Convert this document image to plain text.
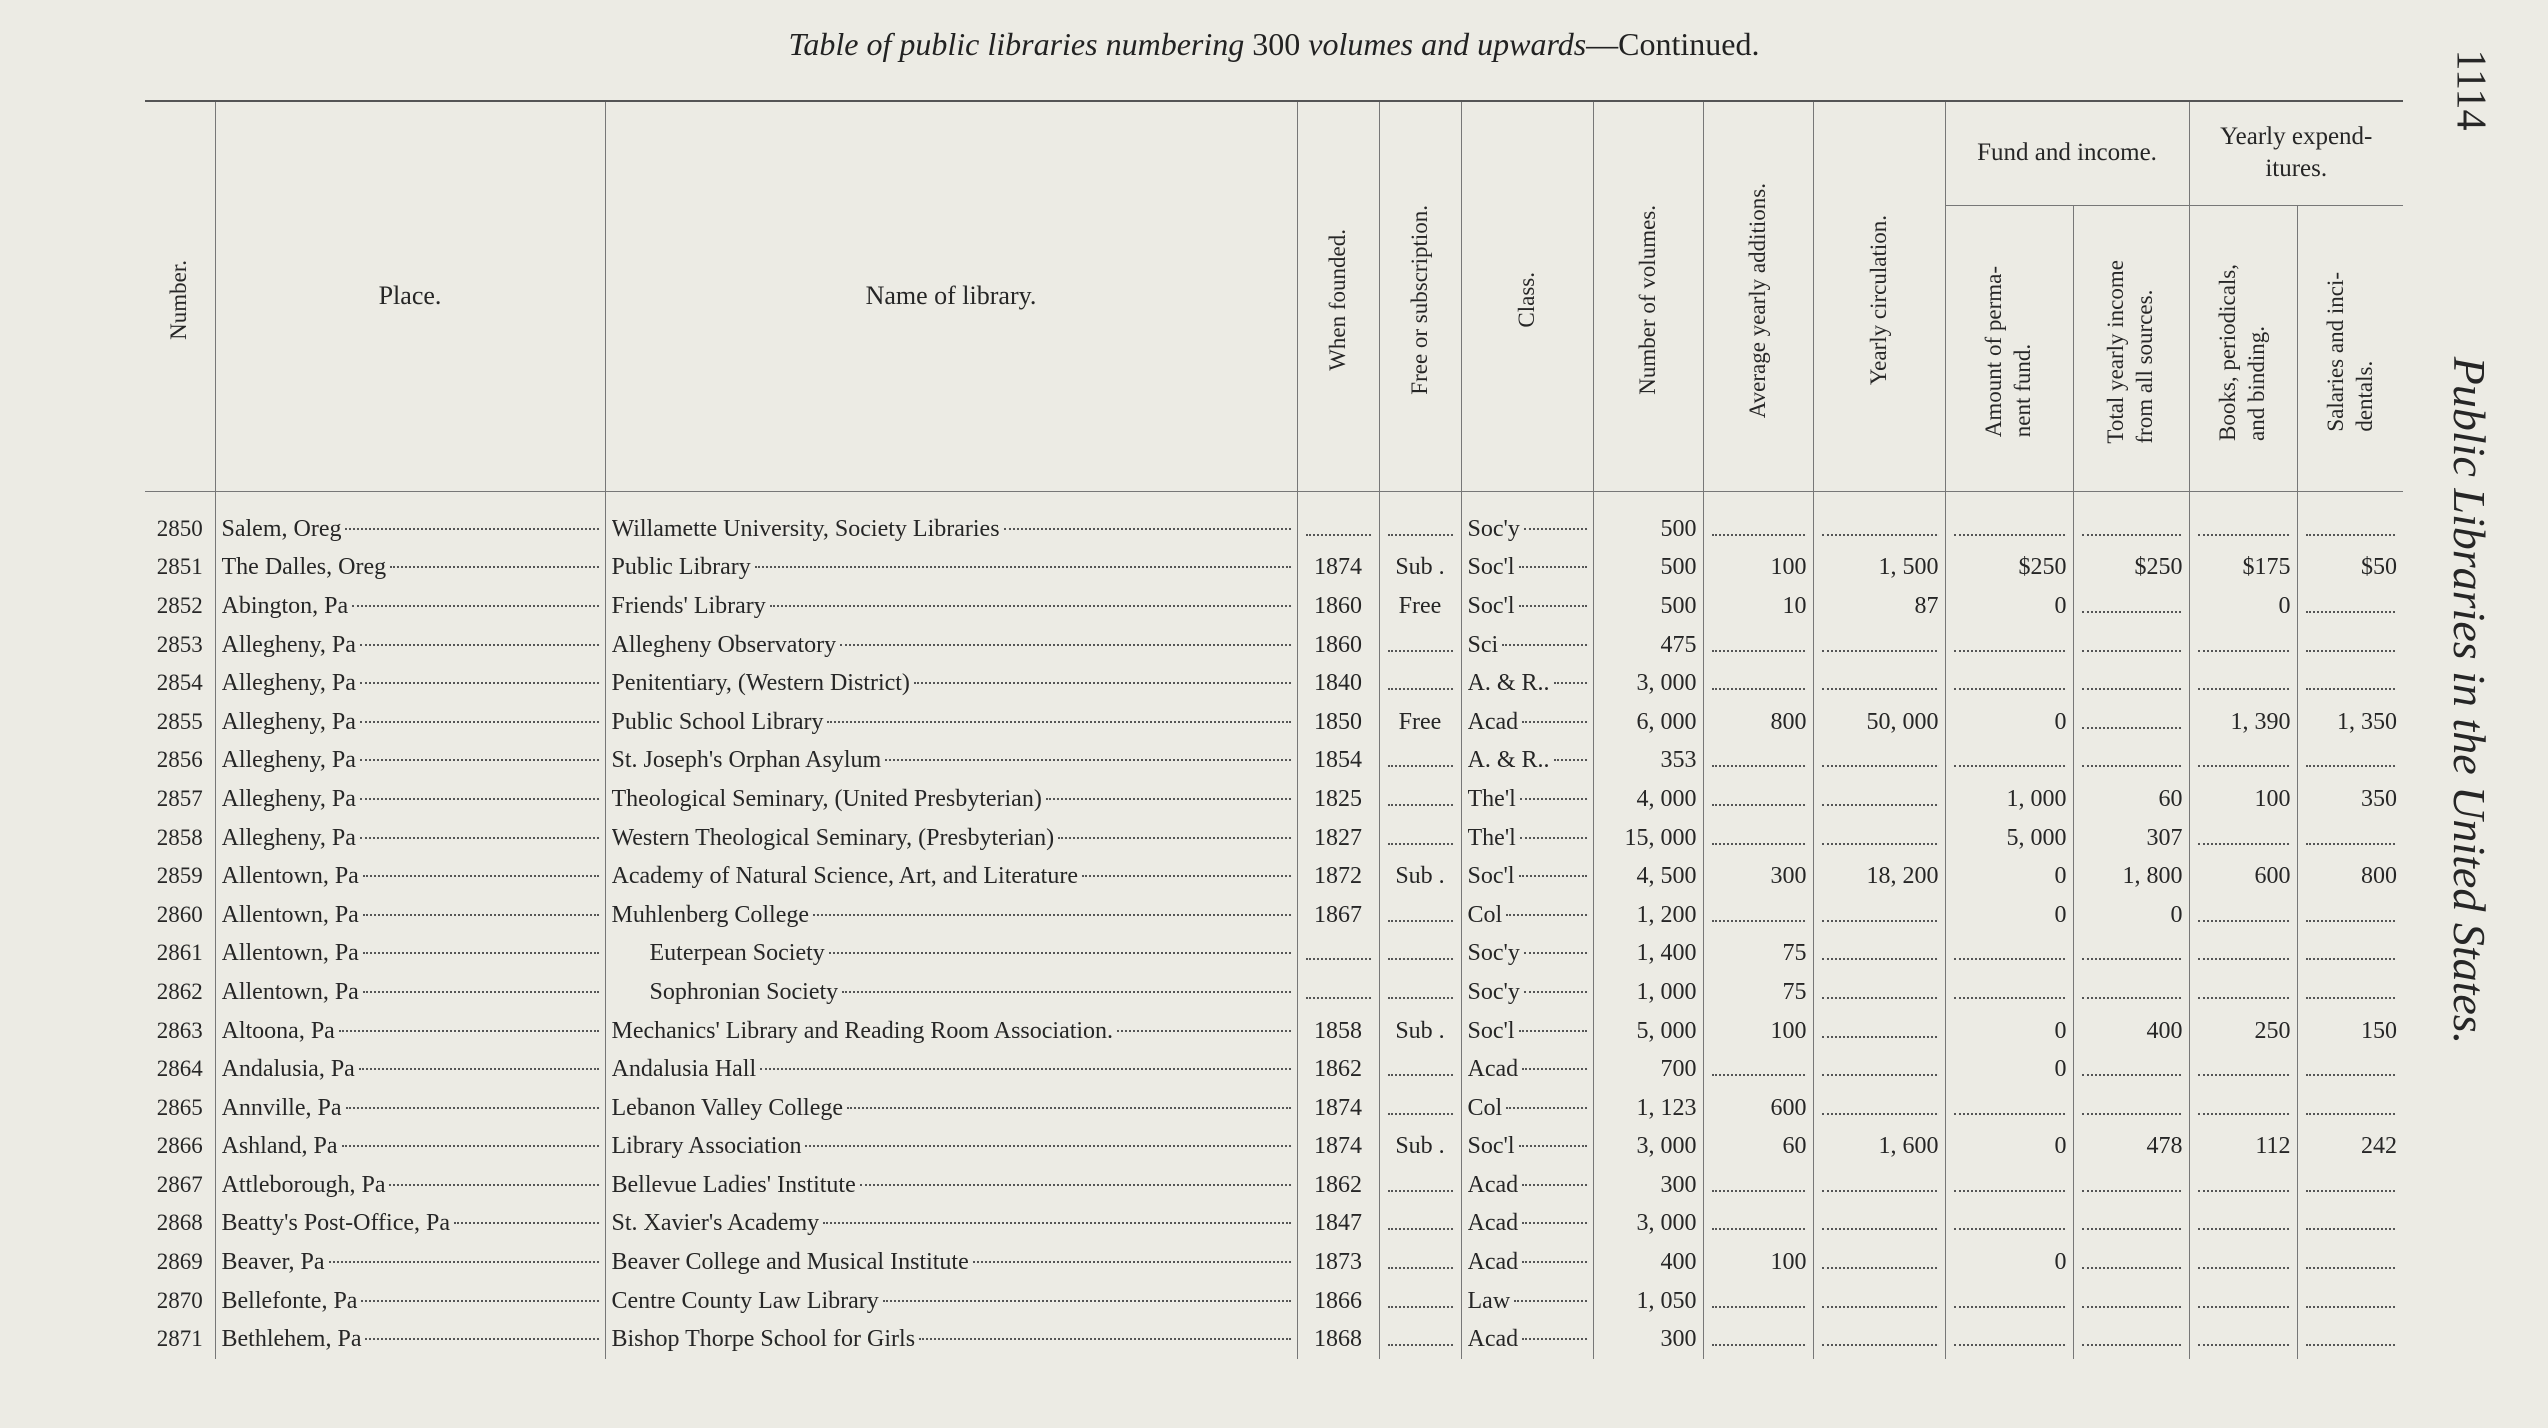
Table of public libraries numbering 300 volumes and upwards—Continued.
1114
Public Libraries in the United States.
Number.	Place.	Name of library.	When founded.	Free or subscription.	Class.	Number of volumes.	Average yearly additions.	Yearly circulation.	Fund and income.		Yearly expend-
itures.	

									Amount of perma- nent fund.	Total yearly income from all sources.	Books, periodicals, and binding.	Salaries and inci- dentals.

2850	Salem, Oreg	Willamette University, Society Libraries			Soc'y	500	

2851	The Dalles, Oreg	Public Library	1874	Sub .	Soc'l	500	100	1, 500	$250	$250	$175	$50
2852	Abington, Pa	Friends' Library	1860	Free	Soc'l	500	10	87	0		0	

2853	Allegheny, Pa	Allegheny Observatory	1860		Sci	475	

2854	Allegheny, Pa	Penitentiary, (Western District)	1840		A. & R..	3, 000	

2855	Allegheny, Pa	Public School Library	1850	Free	Acad	6, 000	800	50, 000	0		1, 390	1, 350
2856	Allegheny, Pa	St. Joseph's Orphan Asylum	1854		A. & R..	353	

2857	Allegheny, Pa	Theological Seminary, (United Presbyterian)	1825		The'l	4, 000			1, 000	60	100	350
2858	Allegheny, Pa	Western Theological Seminary, (Presbyterian)	1827		The'l	15, 000			5, 000	307	

2859	Allentown, Pa	Academy of Natural Science, Art, and Literature	1872	Sub .	Soc'l	4, 500	300	18, 200	0	1, 800	600	800
2860	Allentown, Pa	Muhlenberg College	1867		Col	1, 200			0	0	

2861	Allentown, Pa	Euterpean Society			Soc'y	1, 400	75	

2862	Allentown, Pa	Sophronian Society			Soc'y	1, 000	75	

2863	Altoona, Pa	Mechanics' Library and Reading Room Association.	1858	Sub .	Soc'l	5, 000	100		0	400	250	150
2864	Andalusia, Pa	Andalusia Hall	1862		Acad	700			0	

2865	Annville, Pa	Lebanon Valley College	1874		Col	1, 123	600	

2866	Ashland, Pa	Library Association	1874	Sub .	Soc'l	3, 000	60	1, 600	0	478	112	242
2867	Attleborough, Pa	Bellevue Ladies' Institute	1862		Acad	300	

2868	Beatty's Post-Office, Pa	St. Xavier's Academy	1847		Acad	3, 000	

2869	Beaver, Pa	Beaver College and Musical Institute	1873		Acad	400	100		0	

2870	Bellefonte, Pa	Centre County Law Library	1866		Law	1, 050	

2871	Bethlehem, Pa	Bishop Thorpe School for Girls	1868		Acad	300	
